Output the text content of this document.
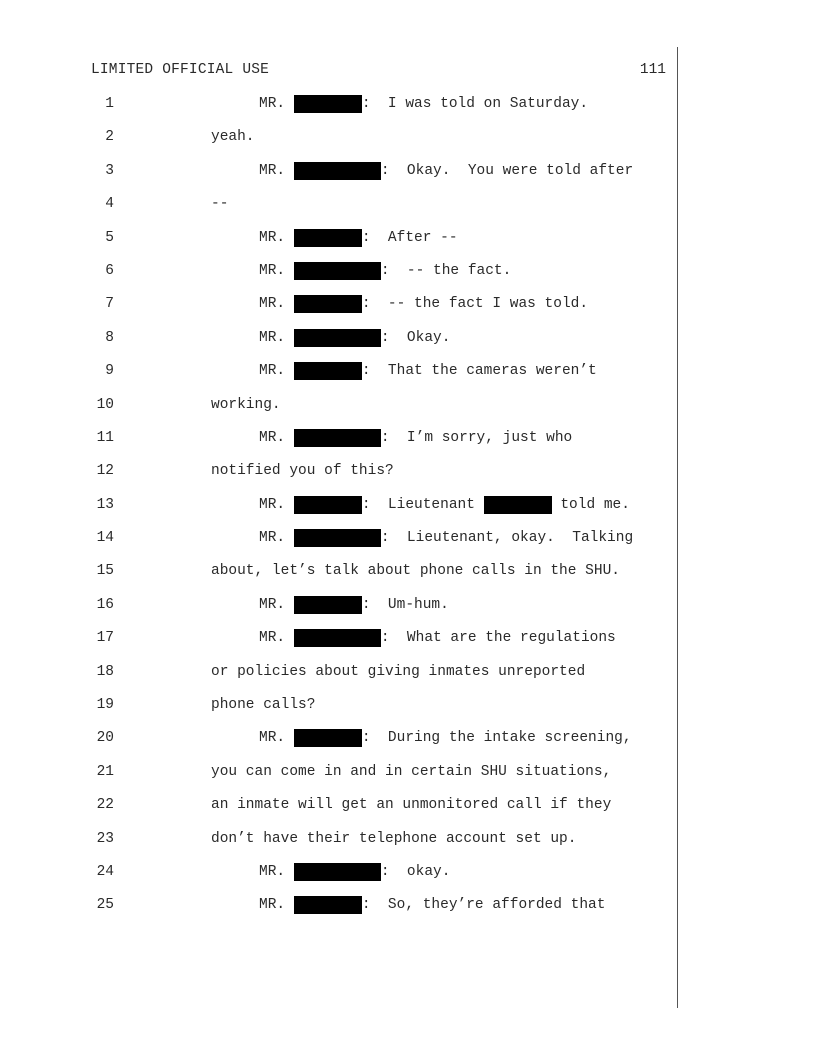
LIMITED OFFICIAL USE	111
1	MR.	:  I was told on Saturday.
2	yeah.
3	MR.	:  Okay.  You were told after
4	--
5	MR.	:  After --
6	MR.	:  -- the fact.
7	MR.	:  -- the fact I was told.
8	MR.	:  Okay.
9	MR.	:  That the cameras weren’t
10	working.
11	MR.	:  I’m sorry, just who
12	notified you of this?
13	MR.	:  Lieutenant	told me.
14	MR.	:  Lieutenant, okay.  Talking
15	about, let’s talk about phone calls in the SHU.
16	MR.	:  Um-hum.
17	MR.	:  What are the regulations
18	or policies about giving inmates unreported
19	phone calls?
20	MR.	:  During the intake screening,
21	you can come in and in certain SHU situations,
22	an inmate will get an unmonitored call if they
23	don’t have their telephone account set up.
24	MR.	:  okay.
25	MR.	:  So, they’re afforded that
